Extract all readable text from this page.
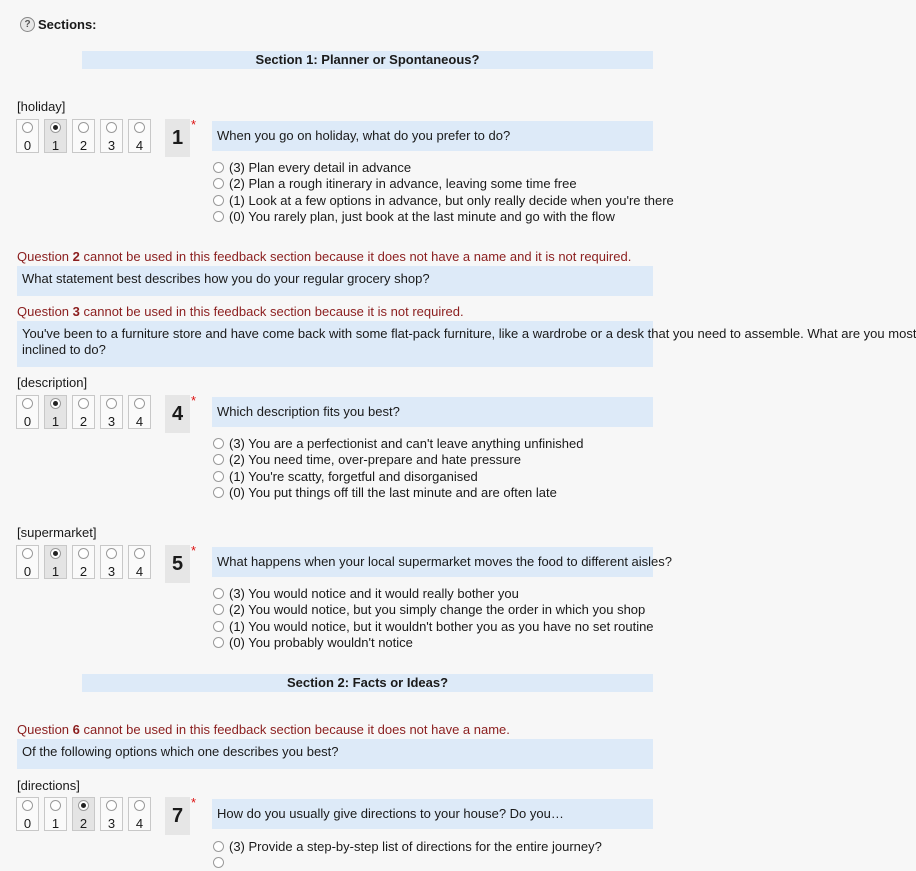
? Sections:
Section 1: Planner or Spontaneous?
[holiday]
0	1	2	3	4	1
*
When you go on holiday, what do you prefer to do?
(3) Plan every detail in advance
(2) Plan a rough itinerary in advance, leaving some time free
(1) Look at a few options in advance, but only really decide when you're there
(0) You rarely plan, just book at the last minute and go with the flow
Question 2 cannot be used in this feedback section because it does not have a name and it is not required.
What statement best describes how you do your regular grocery shop?
Question 3 cannot be used in this feedback section because it is not required.
You've been to a furniture store and have come back with some flat-pack furniture, like a wardrobe or a desk that you need to assemble. What are you most
inclined to do?
[description]
0	1	2	3	4	4
*
Which description fits you best?
(3) You are a perfectionist and can't leave anything unfinished
(2) You need time, over-prepare and hate pressure
(1) You're scatty, forgetful and disorganised
(0) You put things off till the last minute and are often late
[supermarket]
0	1	2	3	4	5
*
What happens when your local supermarket moves the food to different aisles?
(3) You would notice and it would really bother you
(2) You would notice, but you simply change the order in which you shop
(1) You would notice, but it wouldn't bother you as you have no set routine
(0) You probably wouldn't notice
Section 2: Facts or Ideas?
Question 6 cannot be used in this feedback section because it does not have a name.
Of the following options which one describes you best?
[directions]
0	1	2	3	4	7
*
How do you usually give directions to your house? Do you…
(3) Provide a step-by-step list of directions for the entire journey?
